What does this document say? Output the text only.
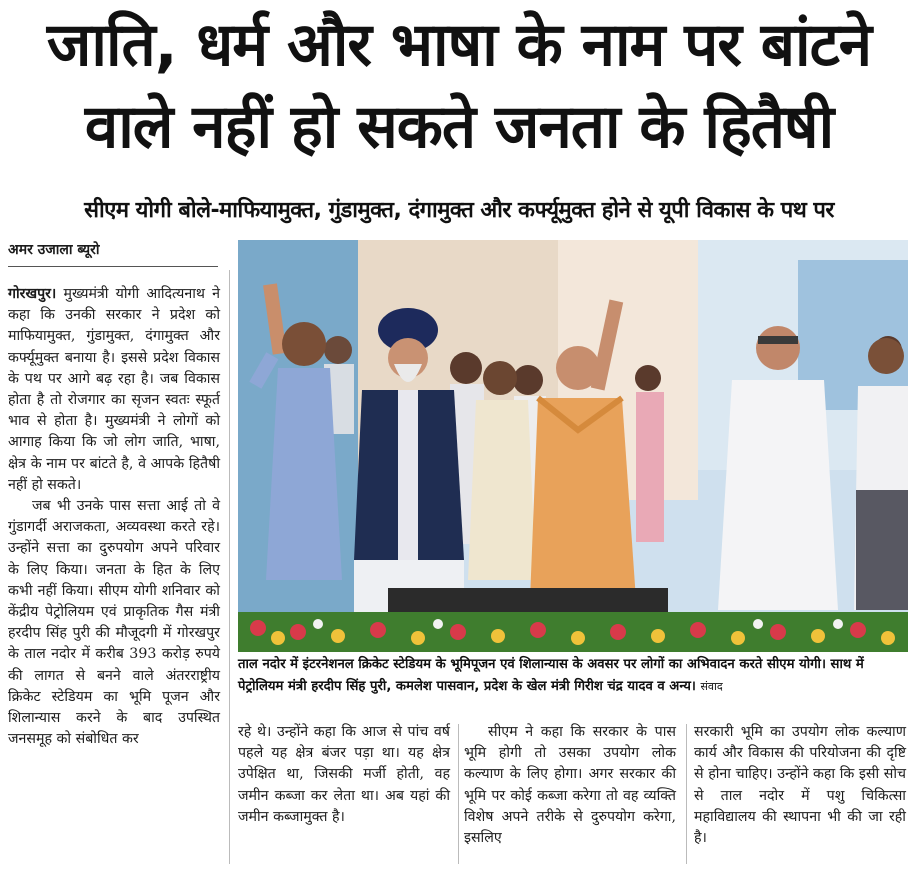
जाति, धर्म और भाषा के नाम पर बांटने
वाले नहीं हो सकते जनता के हितैषी
सीएम योगी बोले-माफियामुक्त, गुंडामुक्त, दंगामुक्त और कर्फ्यूमुक्त होने से यूपी विकास के पथ पर
अमर उजाला ब्यूरो

गोरखपुर। मुख्यमंत्री योगी आदित्यनाथ ने कहा कि उनकी सरकार ने प्रदेश को माफियामुक्त, गुंडामुक्त, दंगामुक्त और कर्फ्यूमुक्त बनाया है। इससे प्रदेश विकास के पथ पर आगे बढ़ रहा है। जब विकास होता है तो रोजगार का सृजन स्वतः स्फूर्त भाव से होता है। मुख्यमंत्री ने लोगों को आगाह किया कि जो लोग जाति, भाषा, क्षेत्र के नाम पर बांटते है, वे आपके हितैषी नहीं हो सकते।

जब भी उनके पास सत्ता आई तो वे गुंडागर्दी अराजकता, अव्यवस्था करते रहे। उन्होंने सत्ता का दुरुपयोग अपने परिवार के लिए किया। जनता के हित के लिए कभी नहीं किया। सीएम योगी शनिवार को केंद्रीय पेट्रोलियम एवं प्राकृतिक गैस मंत्री हरदीप सिंह पुरी की मौजूदगी में गोरखपुर के ताल नदोर में करीब 393 करोड़ रुपये की लागत से बनने वाले अंतरराष्ट्रीय क्रिकेट स्टेडियम का भूमि पूजन और शिलान्यास करने के बाद उपस्थित जनसमूह को संबोधित कर	रहे थे। उन्होंने कहा कि आज से पांच वर्ष पहले यह क्षेत्र बंजर पड़ा था। यह क्षेत्र उपेक्षित था, जिसकी मर्जी होती, वह जमीन कब्जा कर लेता था। अब यहां की जमीन कब्जामुक्त है।

सीएम ने कहा कि सरकार के पास भूमि होगी तो उसका उपयोग लोक कल्याण के लिए होगा। अगर सरकार की भूमि पर कोई कब्जा करेगा तो वह व्यक्ति विशेष अपने तरीके से दुरुपयोग करेगा, इसलिए

सरकारी भूमि का उपयोग लोक कल्याण कार्य और विकास की परियोजना की दृष्टि से होना चाहिए। उन्होंने कहा कि इसी सोच से ताल नदोर में पशु चिकित्सा महाविद्यालय की स्थापना भी की जा रही है।

ताल नदोर में इंटरनेशनल क्रिकेट स्टेडियम के भूमिपूजन एवं शिलान्यास के अवसर पर लोगों का अभिवादन करते सीएम योगी। साथ में पेट्रोलियम मंत्री हरदीप सिंह पुरी, कमलेश पासवान, प्रदेश के खेल मंत्री गिरीश चंद्र यादव व अन्य। संवाद
